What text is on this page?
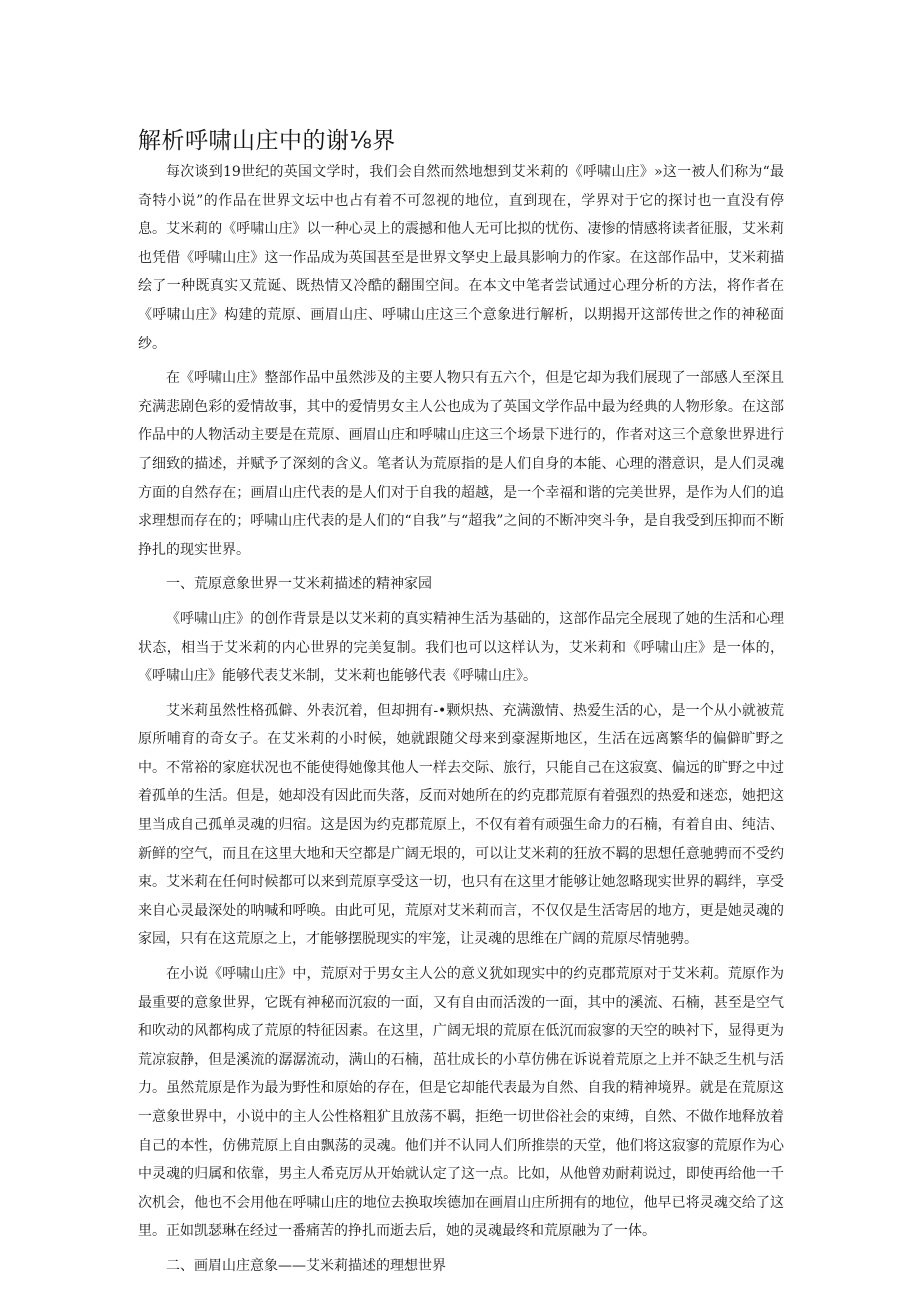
解析呼啸山庄中的谢⅛界

每次谈到19世纪的英国文学时，我们会自然而然地想到艾米莉的《呼啸山庄》»这一被人们称为“最奇特小说”的作品在世界文坛中也占有着不可忽视的地位，直到现在，学界对于它的探讨也一直没有停息。艾米莉的《呼啸山庄》以一种心灵上的震撼和他人无可比拟的忧伤、凄惨的情感将读者征服，艾米莉也凭借《呼啸山庄》这一作品成为英国甚至是世界文孥史上最具影响力的作家。在这部作品中，艾米莉描绘了一种既真实又荒诞、既热情又冷酷的翻围空间。在本文中笔者尝试通过心理分析的方法，将作者在《呼啸山庄》构建的荒原、画眉山庄、呼啸山庄这三个意象进行解析，以期揭开这部传世之作的神秘面纱。

在《呼啸山庄》整部作品中虽然涉及的主要人物只有五六个，但是它却为我们展现了一部感人至深且充满悲剧色彩的爱情故事，其中的爱情男女主人公也成为了英国文学作品中最为经典的人物形象。在这部作品中的人物活动主要是在荒原、画眉山庄和呼啸山庄这三个场景下进行的，作者对这三个意象世界进行了细致的描述，并赋予了深刻的含义。笔者认为荒原指的是人们自身的本能、心理的潜意识，是人们灵魂方面的自然存在；画眉山庄代表的是人们对于自我的超越，是一个幸福和谐的完美世界，是作为人们的追求理想而存在的；呼啸山庄代表的是人们的“自我”与“超我”之间的不断冲突斗争，是自我受到压抑而不断挣扎的现实世界。

一、荒原意象世界一艾米莉描述的精神家园

《呼啸山庄》的创作背景是以艾米莉的真实精神生活为基础的，这部作品完全展现了她的生活和心理状态，相当于艾米莉的内心世界的完美复制。我们也可以这样认为，艾米莉和《呼啸山庄》是一体的，《呼啸山庄》能够代表艾米制，艾米莉也能够代表《呼啸山庄》。

艾米莉虽然性格孤僻、外表沉着，但却拥有-•颗炽热、充满激情、热爱生活的心，是一个从小就被荒原所哺育的奇女子。在艾米莉的小时候，她就跟随父母来到豪渥斯地区，生活在远离繁华的偏僻旷野之中。不常裕的家庭状况也不能使得她像其他人一样去交际、旅行，只能自己在这寂寞、偏远的旷野之中过着孤单的生活。但是，她却没有因此而失落，反而对她所在的约克郡荒原有着强烈的热爱和迷恋，她把这里当成自己孤单灵魂的归宿。这是因为约克郡荒原上，不仅有着有顽强生命力的石楠，有着自由、纯洁、新鲜的空气，而且在这里大地和天空都是广阔无垠的，可以让艾米莉的狂放不羁的思想任意驰骋而不受约束。艾米莉在任何时候都可以来到荒原享受这一切，也只有在这里才能够让她忽略现实世界的羁绊，享受来自心灵最深处的呐喊和呼唤。由此可见，荒原对艾米莉而言，不仅仅是生活寄居的地方，更是她灵魂的家园，只有在这荒原之上，才能够摆脱现实的牢笼，让灵魂的思维在广阔的荒原尽情驰骋。

在小说《呼啸山庄》中，荒原对于男女主人公的意义犹如现实中的约克郡荒原对于艾米莉。荒原作为最重要的意象世界，它既有神秘而沉寂的一面，又有自由而活泼的一面，其中的溪流、石楠，甚至是空气和吹动的风都构成了荒原的特征因素。在这里，广阔无垠的荒原在低沉而寂寥的天空的映衬下，显得更为荒凉寂静，但是溪流的潺潺流动，满山的石楠，茁壮成长的小草仿佛在诉说着荒原之上并不缺乏生机与活力。虽然荒原是作为最为野性和原始的存在，但是它却能代表最为自然、自我的精神境界。就是在荒原这一意象世界中，小说中的主人公性格粗犷且放荡不羁，拒绝一切世俗社会的束缚，自然、不做作地释放着自己的本性，仿佛荒原上自由飘荡的灵魂。他们并不认同人们所推崇的天堂，他们将这寂寥的荒原作为心中灵魂的归属和依靠，男主人希克厉从开始就认定了这一点。比如，从他曾劝耐莉说过，即使再给他一千次机会，他也不会用他在呼啸山庄的地位去换取埃德加在画眉山庄所拥有的地位，他早已将灵魂交给了这里。正如凯瑟琳在经过一番痛苦的挣扎而逝去后，她的灵魂最终和荒原融为了一体。

二、画眉山庄意象——艾米莉描述的理想世界
